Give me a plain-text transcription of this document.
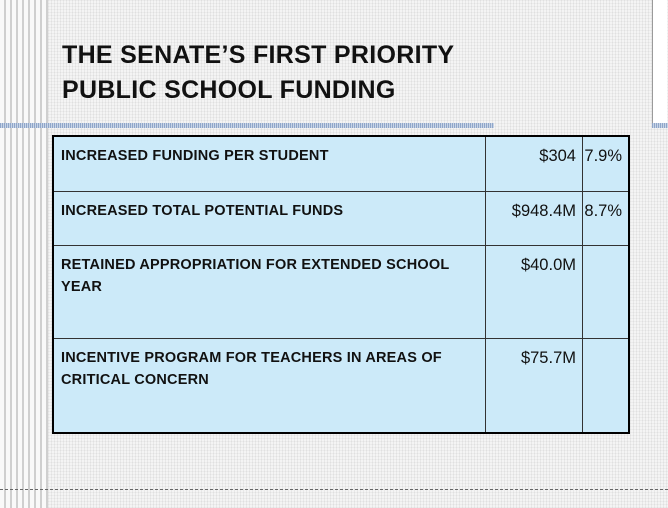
THE SENATE’S FIRST PRIORITY
PUBLIC SCHOOL FUNDING
INCREASED FUNDING PER STUDENT	$304	7.9%
INCREASED TOTAL POTENTIAL FUNDS	$948.4M	8.7%
RETAINED APPROPRIATION FOR EXTENDED SCHOOL YEAR	$40.0M	
INCENTIVE PROGRAM FOR TEACHERS IN AREAS OF CRITICAL CONCERN	$75.7M	
